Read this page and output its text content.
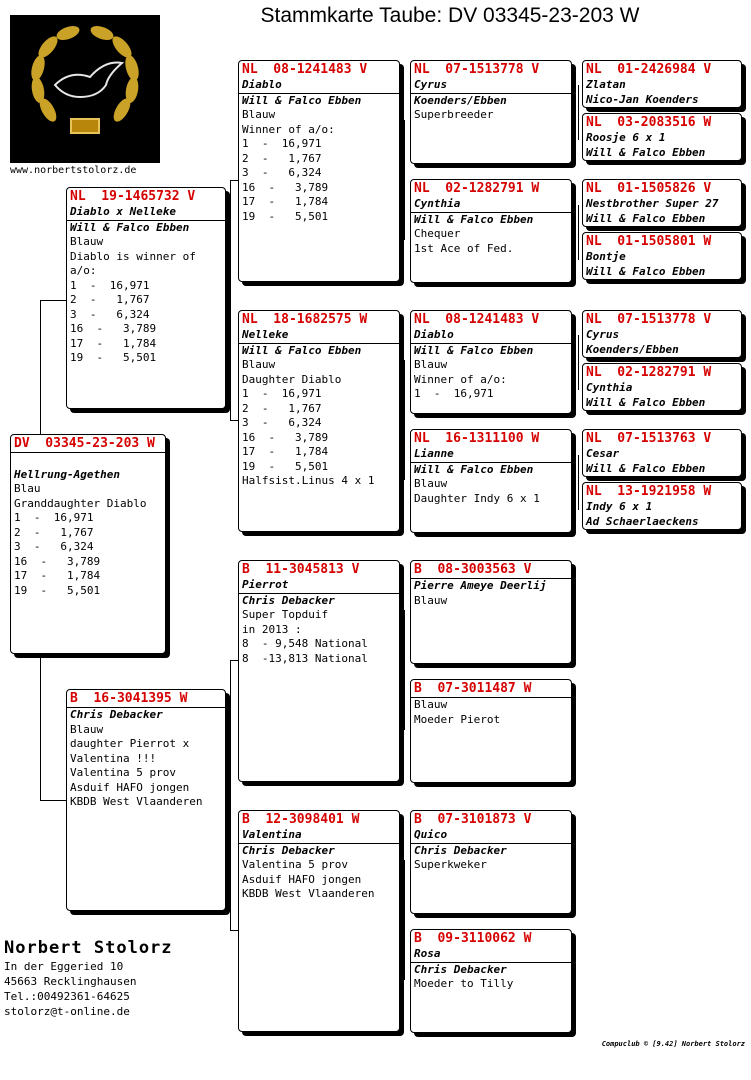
Stammkarte Taube: DV 03345-23-203 W
www.norbertstolorz.de
DV  03345-23-203 W

Hellrung-Agethen
Blau
Granddaughter Diablo
1  -  16,971
2  -   1,767
3  -   6,324
16  -   3,789
17  -   1,784
19  -   5,501
NL  19-1465732 V
Diablo x Nelleke
Will & Falco Ebben
Blauw
Diablo is winner of
a/o:
1  -  16,971
2  -   1,767
3  -   6,324
16  -   3,789
17  -   1,784
19  -   5,501
B  16-3041395 W
Chris Debacker
Blauw
daughter Pierrot x
Valentina !!!
Valentina 5 prov
Asduif HAFO jongen
KBDB West Vlaanderen
NL  08-1241483 V
Diablo
Will & Falco Ebben
Blauw
Winner of a/o:
1  -  16,971
2  -   1,767
3  -   6,324
16  -   3,789
17  -   1,784
19  -   5,501
NL  18-1682575 W
Nelleke
Will & Falco Ebben
Blauw
Daughter Diablo
1  -  16,971
2  -   1,767
3  -   6,324
16  -   3,789
17  -   1,784
19  -   5,501
Halfsist.Linus 4 x 1
B  11-3045813 V
Pierrot
Chris Debacker
Super Topduif
in 2013 :
8  - 9,548 National
8  -13,813 National
B  12-3098401 W
Valentina
Chris Debacker
Valentina 5 prov
Asduif HAFO jongen
KBDB West Vlaanderen
NL  07-1513778 V
Cyrus
Koenders/Ebben
Superbreeder
NL  02-1282791 W
Cynthia
Will & Falco Ebben
Chequer
1st Ace of Fed.
NL  08-1241483 V
Diablo
Will & Falco Ebben
Blauw
Winner of a/o:
1  -  16,971
NL  16-1311100 W
Lianne
Will & Falco Ebben
Blauw
Daughter Indy 6 x 1
B  08-3003563 V
Pierre Ameye Deerlij
Blauw
B  07-3011487 W
Blauw
Moeder Pierot
B  07-3101873 V
Quico
Chris Debacker
Superkweker
B  09-3110062 W
Rosa
Chris Debacker
Moeder to Tilly
NL  01-2426984 V
Zlatan
Nico-Jan Koenders
NL  03-2083516 W
Roosje 6 x 1
Will & Falco Ebben
NL  01-1505826 V
Nestbrother Super 27
Will & Falco Ebben
NL  01-1505801 W
Bontje
Will & Falco Ebben
NL  07-1513778 V
Cyrus
Koenders/Ebben
NL  02-1282791 W
Cynthia
Will & Falco Ebben
NL  07-1513763 V
Cesar
Will & Falco Ebben
NL  13-1921958 W
Indy 6 x 1
Ad Schaerlaeckens
Norbert Stolorz
In der Eggeried 10
45663 Recklinghausen
Tel.:00492361-64625
stolorz@t-online.de
Compuclub © [9.42] Norbert Stolorz
